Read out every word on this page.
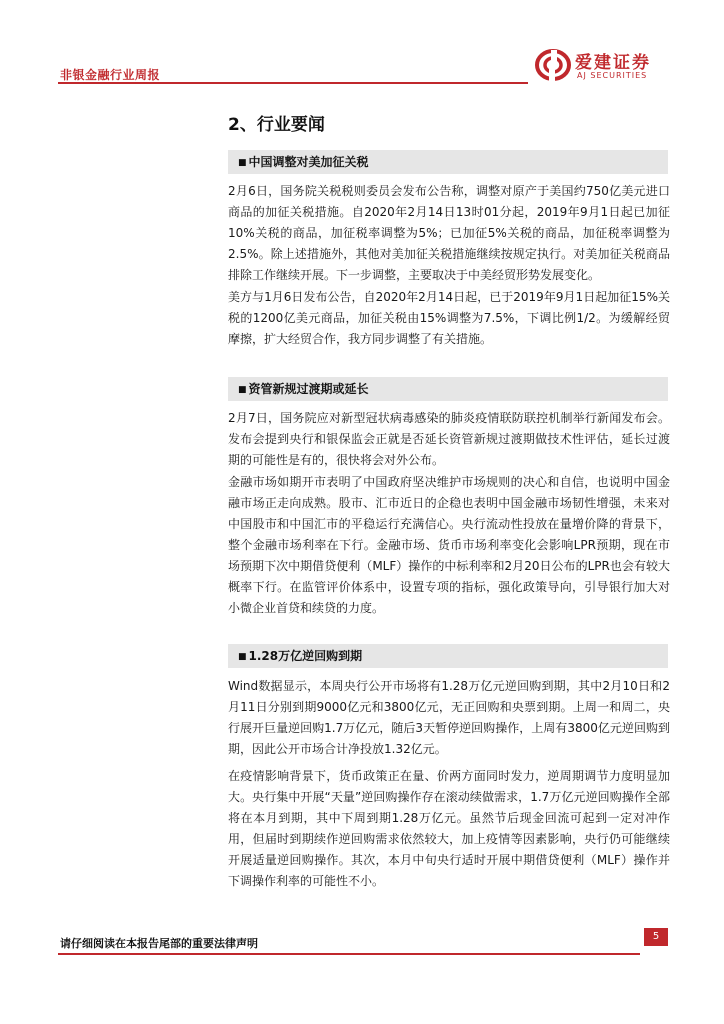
非银金融行业周报
爱建证券
AJ SECURITIES
2、行业要闻
■ 中国调整对美加征关税

2月6日，国务院关税税则委员会发布公告称，调整对原产于美国约750亿美元进口商品的加征关税措施。自2020年2月14日13时01分起，2019年9月1日起已加征10%关税的商品，加征税率调整为5%；已加征5%关税的商品，加征税率调整为2.5%。除上述措施外，其他对美加征关税措施继续按规定执行。对美加征关税商品排除工作继续开展。下一步调整，主要取决于中美经贸形势发展变化。

美方与1月6日发布公告，自2020年2月14日起，已于2019年9月1日起加征15%关税的1200亿美元商品，加征关税由15%调整为7.5%，下调比例1/2。为缓解经贸摩擦，扩大经贸合作，我方同步调整了有关措施。

■ 资管新规过渡期或延长

2月7日，国务院应对新型冠状病毒感染的肺炎疫情联防联控机制举行新闻发布会。发布会提到央行和银保监会正就是否延长资管新规过渡期做技术性评估，延长过渡期的可能性是有的，很快将会对外公布。

金融市场如期开市表明了中国政府坚决维护市场规则的决心和自信，也说明中国金融市场正走向成熟。股市、汇市近日的企稳也表明中国金融市场韧性增强，未来对中国股市和中国汇市的平稳运行充满信心。央行流动性投放在量增价降的背景下，整个金融市场利率在下行。金融市场、货币市场利率变化会影响LPR预期，现在市场预期下次中期借贷便利（MLF）操作的中标利率和2月20日公布的LPR也会有较大概率下行。在监管评价体系中，设置专项的指标，强化政策导向，引导银行加大对小微企业首贷和续贷的力度。

■ 1.28万亿逆回购到期

Wind数据显示，本周央行公开市场将有1.28万亿元逆回购到期，其中2月10日和2月11日分别到期9000亿元和3800亿元，无正回购和央票到期。上周一和周二，央行展开巨量逆回购1.7万亿元，随后3天暂停逆回购操作，上周有3800亿元逆回购到期，因此公开市场合计净投放1.32亿元。

在疫情影响背景下，货币政策正在量、价两方面同时发力，逆周期调节力度明显加大。央行集中开展“天量”逆回购操作存在滚动续做需求，1.7万亿元逆回购操作全部将在本月到期，其中下周到期1.28万亿元。虽然节后现金回流可起到一定对冲作用，但届时到期续作逆回购需求依然较大，加上疫情等因素影响，央行仍可能继续开展适量逆回购操作。其次，本月中旬央行适时开展中期借贷便利（MLF）操作并下调操作利率的可能性不小。

请仔细阅读在本报告尾部的重要法律声明
5
